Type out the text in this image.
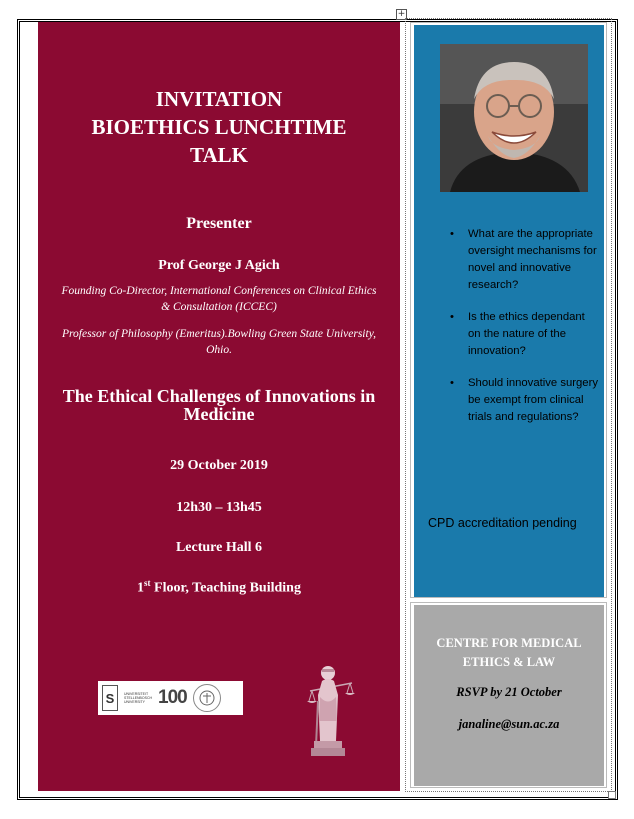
+
INVITATION
BIOETHICS LUNCHTIME
TALK
Presenter
Prof George J Agich
Founding Co-Director, International Conferences on Clinical Ethics & Consultation (ICCEC)
Professor of Philosophy (Emeritus).Bowling Green State University, Ohio.
The Ethical Challenges of Innovations in Medicine
29 October 2019
12h30 – 13h45
Lecture Hall 6
1st Floor, Teaching Building
S	UNIVERSITEIT STELLENBOSCH UNIVERSITY 100
• What are the appropriate oversight mechanisms for novel and innovative research?
• Is the ethics dependant on the nature of the innovation?
• Should innovative surgery be exempt from clinical trials and regulations?
CPD accreditation pending
CENTRE FOR MEDICAL
ETHICS & LAW
RSVP by 21 October
janaline@sun.ac.za
